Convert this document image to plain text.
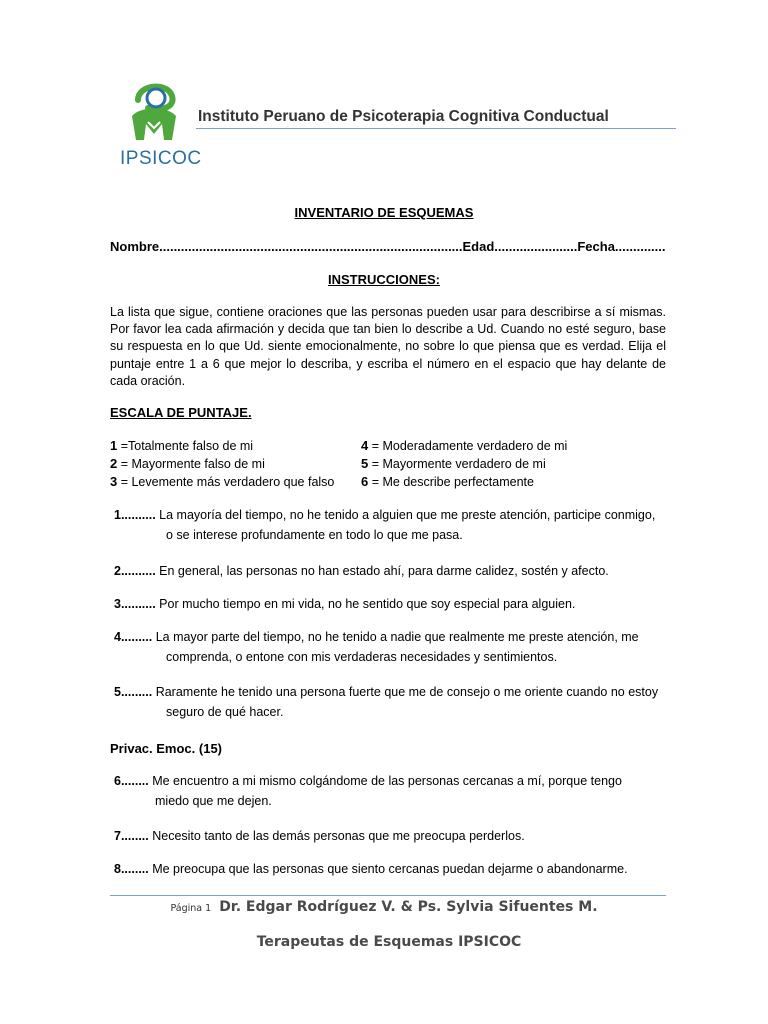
IPSICOC
Instituto Peruano de Psicoterapia Cognitiva Conductual
INVENTARIO DE ESQUEMAS
Nombre....................................................................................Edad.......................Fecha..............
INSTRUCCIONES:
La lista que sigue, contiene oraciones que las personas pueden usar para describirse a sí mismas. Por favor lea cada afirmación y decida que tan bien lo describe a Ud. Cuando no esté seguro, base su respuesta en lo que Ud. siente emocionalmente, no sobre lo que piensa que es verdad. Elija el puntaje entre 1 a 6 que mejor lo describa, y escriba el número en el espacio que hay delante de cada oración.
ESCALA DE PUNTAJE.
1 =Totalmente falso de mi
2 = Mayormente falso de mi
3 = Levemente más verdadero que falso
4 = Moderadamente verdadero de mi
5 = Mayormente verdadero de mi
6 = Me describe perfectamente
1.......... La mayoría del tiempo, no he tenido a alguien que me preste atención, participe conmigo,
o se interese profundamente en todo lo que me pasa.
2.......... En general, las personas no han estado ahí, para darme calidez, sostén y afecto.
3.......... Por mucho tiempo en mi vida, no he sentido que soy especial para alguien.
4......... La mayor parte del tiempo, no he tenido a nadie que realmente me preste atención, me
comprenda, o entone con mis verdaderas necesidades y sentimientos.
5......... Raramente he tenido una persona fuerte que me de consejo o me oriente cuando no estoy
seguro de qué hacer.
Privac. Emoc. (15)
6........ Me encuentro a mi mismo colgándome de las personas cercanas a mí, porque tengo
miedo que me dejen.
7........ Necesito tanto de las demás personas que me preocupa perderlos.
8........ Me preocupa que las personas que siento cercanas puedan dejarme o abandonarme.
Página 1 Dr. Edgar Rodríguez V. & Ps. Sylvia Sifuentes M.
Terapeutas de Esquemas IPSICOC
